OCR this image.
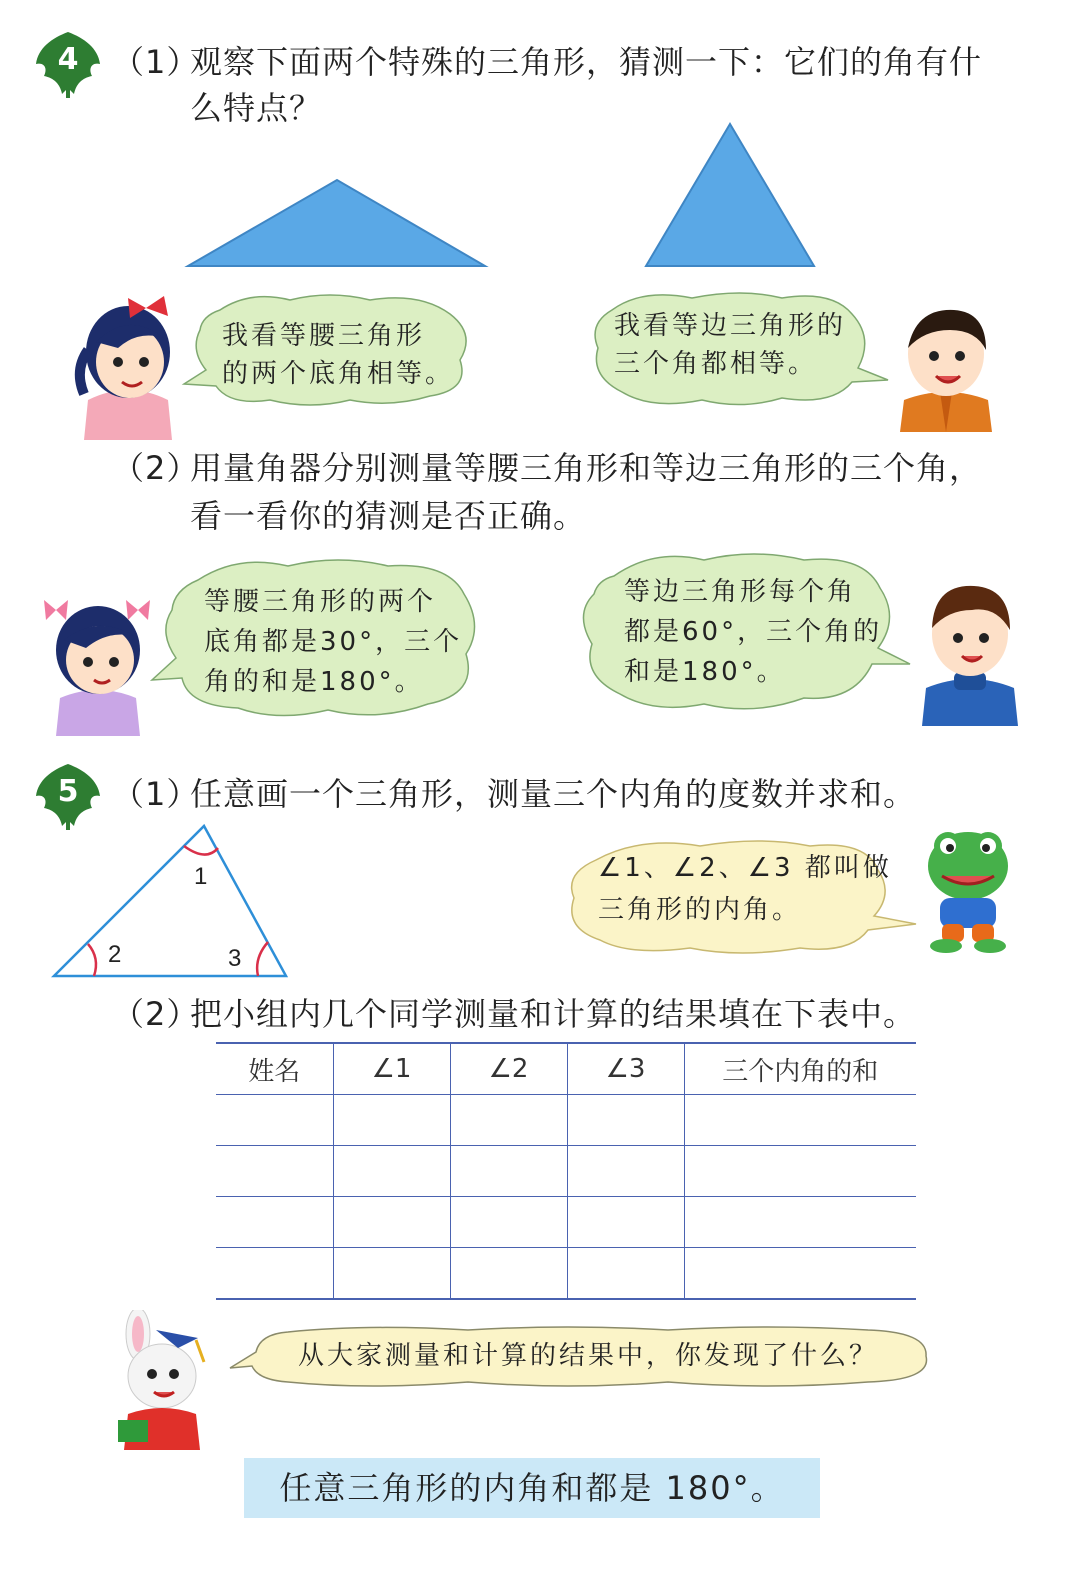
4	（1）
观察下面两个特殊的三角形，猜测一下：它们的角有什
么特点？
我看等腰三角形
的两个底角相等。
我看等边三角形的
三个角都相等。
（2）
用量角器分别测量等腰三角形和等边三角形的三个角，
看一看你的猜测是否正确。
等腰三角形的两个
底角都是30°，三个
角的和是180°。
等边三角形每个角
都是60°，三个角的
和是180°。
5	（1）
任意画一个三角形，测量三个内角的度数并求和。
1
2	3
∠1、∠2、∠3 都叫做
三角形的内角。
（2）
把小组内几个同学测量和计算的结果填在下表中。
姓名	∠1	∠2	∠3	三个内角的和

从大家测量和计算的结果中，你发现了什么？
任意三角形的内角和都是 180°。
